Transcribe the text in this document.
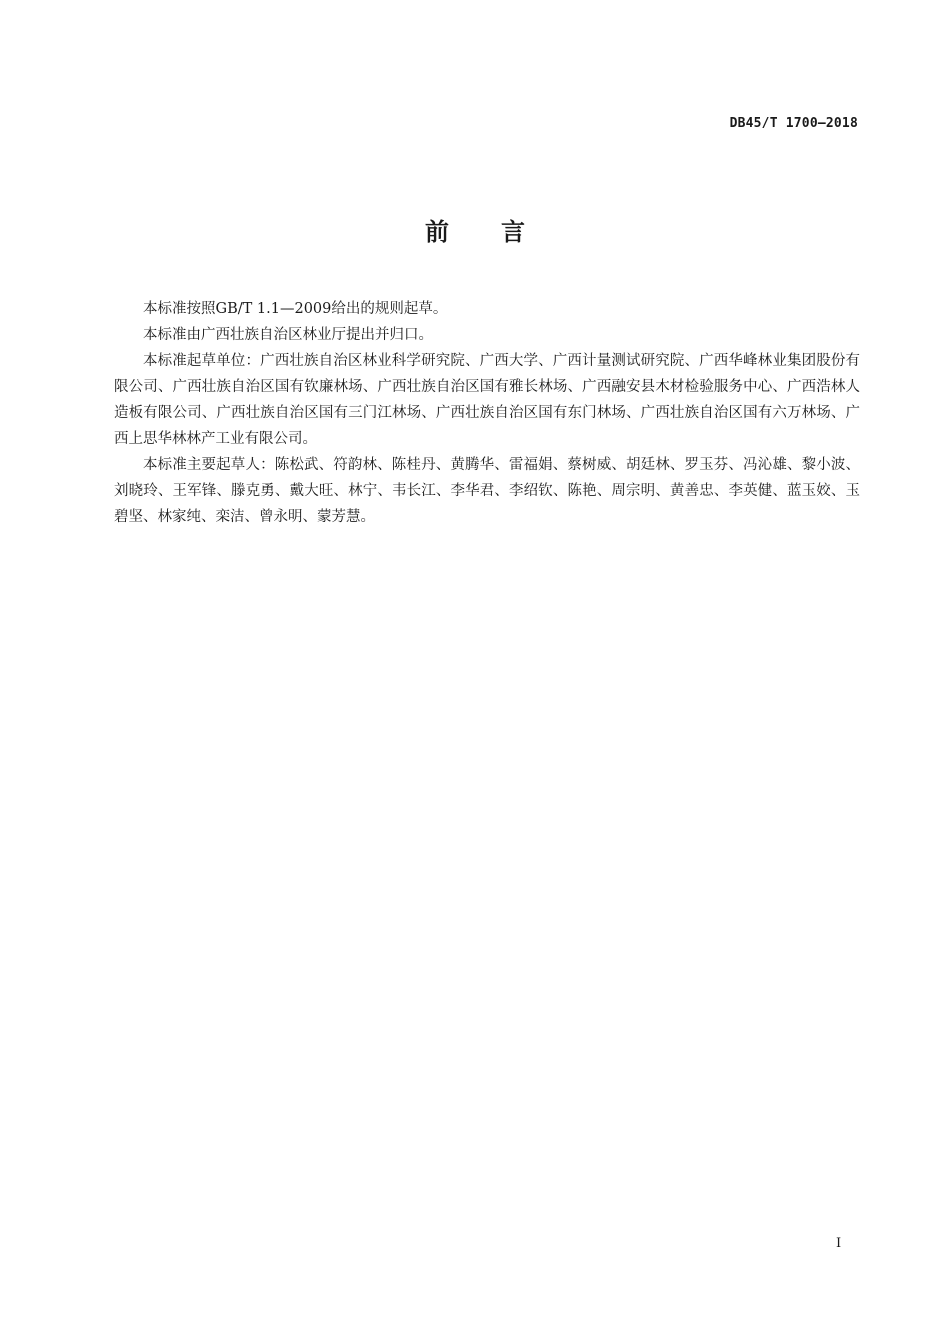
DB45/T 1700—2018
前言

本标准按照GB/T 1.1—2009给出的规则起草。

本标准由广西壮族自治区林业厅提出并归口。

本标准起草单位：广西壮族自治区林业科学研究院、广西大学、广西计量测试研究院、广西华峰林业集团股份有限公司、广西壮族自治区国有钦廉林场、广西壮族自治区国有雅长林场、广西融安县木材检验服务中心、广西浩林人造板有限公司、广西壮族自治区国有三门江林场、广西壮族自治区国有东门林场、广西壮族自治区国有六万林场、广西上思华林林产工业有限公司。

本标准主要起草人：陈松武、符韵林、陈桂丹、黄腾华、雷福娟、蔡树威、胡廷林、罗玉芬、冯沁雄、黎小波、刘晓玲、王军锋、滕克勇、戴大旺、林宁、韦长江、李华君、李绍钦、陈艳、周宗明、黄善忠、李英健、蓝玉姣、玉碧坚、林家纯、栾洁、曾永明、蒙芳慧。

I
